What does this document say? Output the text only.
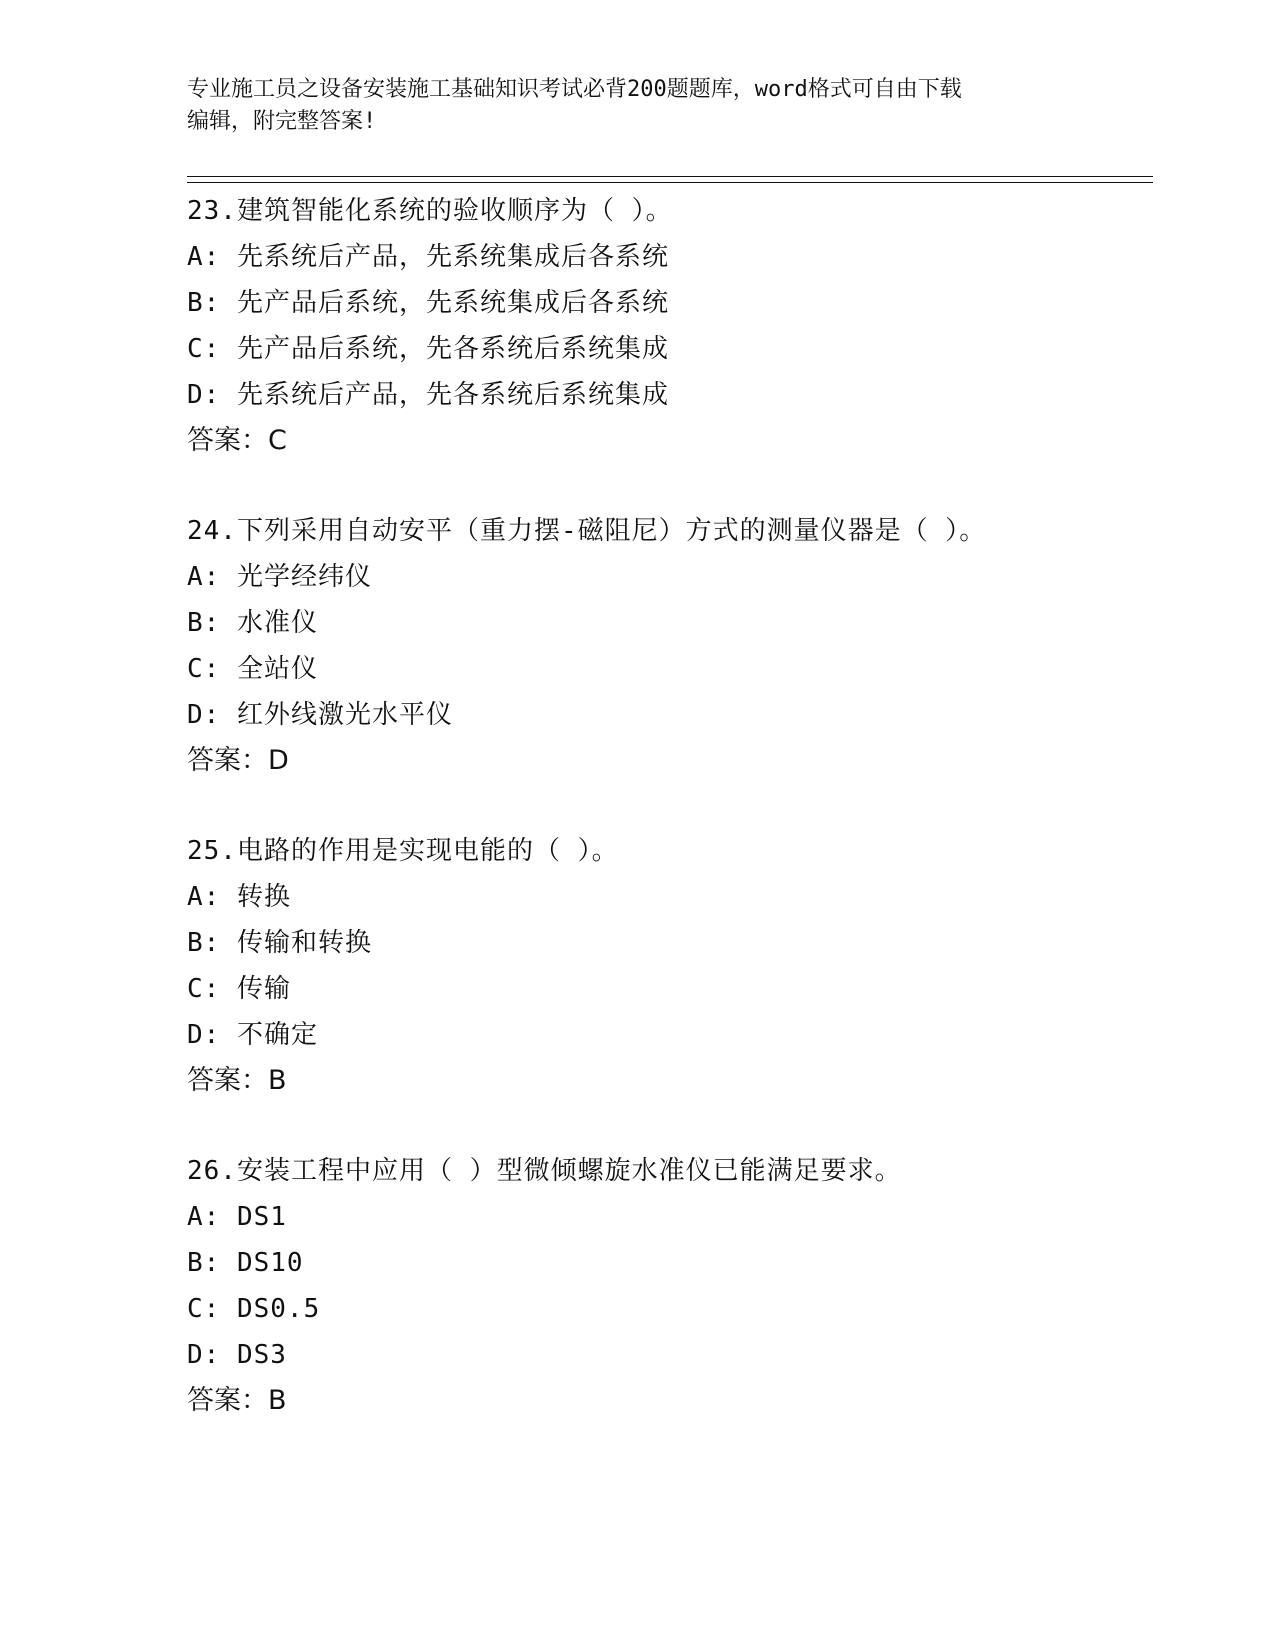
专业施工员之设备安装施工基础知识考试必背200题题库，word格式可自由下载
编辑，附完整答案!
23.建筑智能化系统的验收顺序为（ ）。
A: 先系统后产品，先系统集成后各系统
B: 先产品后系统，先系统集成后各系统
C: 先产品后系统，先各系统后系统集成
D: 先系统后产品，先各系统后系统集成
答案：C
24.下列采用自动安平（重力摆-磁阻尼）方式的测量仪器是（ ）。
A: 光学经纬仪
B: 水准仪
C: 全站仪
D: 红外线激光水平仪
答案：D
25.电路的作用是实现电能的（ ）。
A: 转换
B: 传输和转换
C: 传输
D: 不确定
答案：B
26.安装工程中应用（ ）型微倾螺旋水准仪已能满足要求。
A: DS1
B: DS10
C: DS0.5
D: DS3
答案：B
